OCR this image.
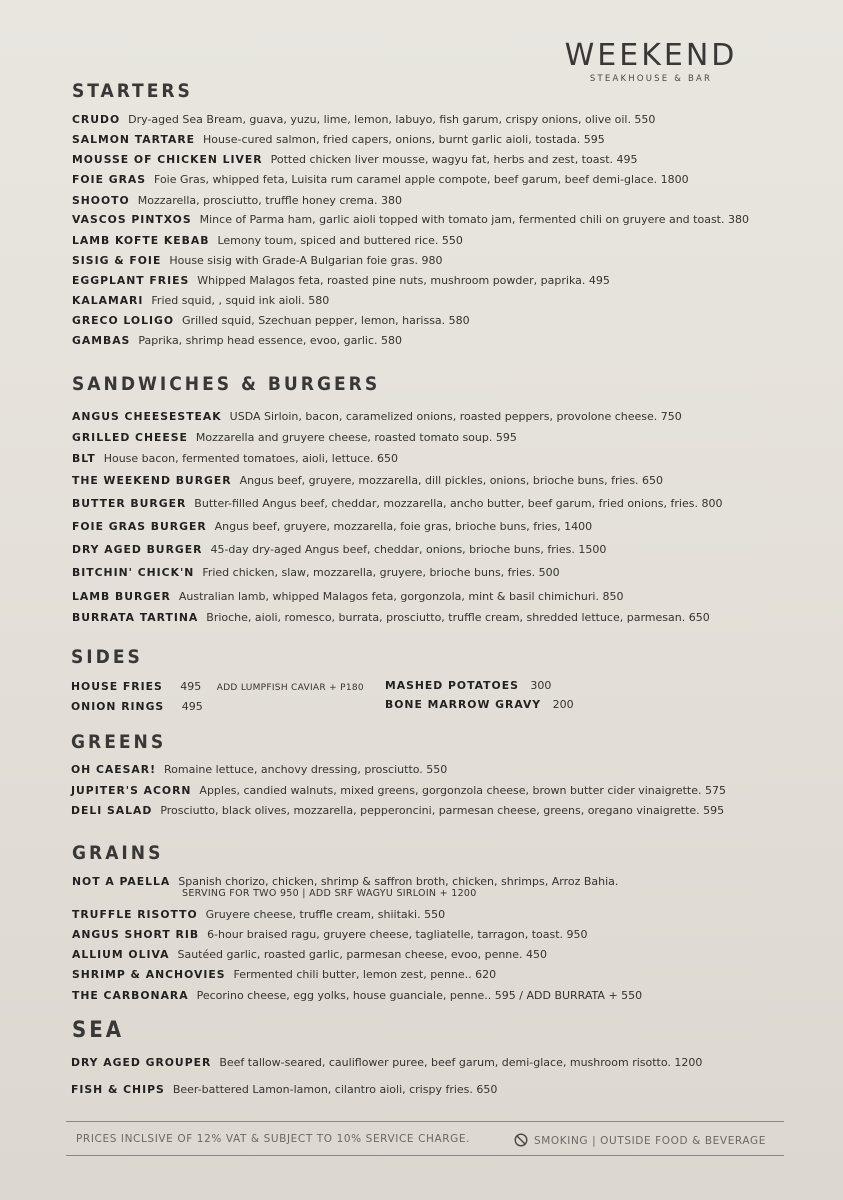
WEEKEND
STEAKHOUSE & BAR
STARTERS
CRUDO Dry-aged Sea Bream, guava, yuzu, lime, lemon, labuyo, fish garum, crispy onions, olive oil. 550
SALMON TARTARE House-cured salmon, fried capers, onions, burnt garlic aioli, tostada. 595
MOUSSE OF CHICKEN LIVER Potted chicken liver mousse, wagyu fat, herbs and zest, toast. 495
FOIE GRAS Foie Gras, whipped feta, Luisita rum caramel apple compote, beef garum, beef demi-glace. 1800
SHOOTO Mozzarella, prosciutto, truffle honey crema. 380
VASCOS PINTXOS Mince of Parma ham, garlic aioli topped with tomato jam, fermented chili on gruyere and toast. 380
LAMB KOFTE KEBAB Lemony toum, spiced and buttered rice. 550
SISIG & FOIE House sisig with Grade-A Bulgarian foie gras. 980
EGGPLANT FRIES Whipped Malagos feta, roasted pine nuts, mushroom powder, paprika. 495
KALAMARI Fried squid, , squid ink aioli. 580
GRECO LOLIGO Grilled squid, Szechuan pepper, lemon, harissa. 580
GAMBAS Paprika, shrimp head essence, evoo, garlic. 580
SANDWICHES & BURGERS
ANGUS CHEESESTEAK USDA Sirloin, bacon, caramelized onions, roasted peppers, provolone cheese. 750
GRILLED CHEESE Mozzarella and gruyere cheese, roasted tomato soup. 595
BLT House bacon, fermented tomatoes, aioli, lettuce. 650
THE WEEKEND BURGER Angus beef, gruyere, mozzarella, dill pickles, onions, brioche buns, fries. 650
BUTTER BURGER Butter-filled Angus beef, cheddar, mozzarella, ancho butter, beef garum, fried onions, fries. 800
FOIE GRAS BURGER Angus beef, gruyere, mozzarella, foie gras, brioche buns, fries, 1400
DRY AGED BURGER 45-day dry-aged Angus beef, cheddar, onions, brioche buns, fries. 1500
BITCHIN' CHICK'N Fried chicken, slaw, mozzarella, gruyere, brioche buns, fries. 500
LAMB BURGER Australian lamb, whipped Malagos feta, gorgonzola, mint & basil chimichuri. 850
BURRATA TARTINA Brioche, aioli, romesco, burrata, prosciutto, truffle cream, shredded lettuce, parmesan. 650
SIDES
HOUSE FRIES 495 ADD LUMPFISH CAVIAR + P180
ONION RINGS 495
MASHED POTATOES 300
BONE MARROW GRAVY 200
GREENS
OH CAESAR! Romaine lettuce, anchovy dressing, prosciutto. 550
JUPITER'S ACORN Apples, candied walnuts, mixed greens, gorgonzola cheese, brown butter cider vinaigrette. 575
DELI SALAD Prosciutto, black olives, mozzarella, pepperoncini, parmesan cheese, greens, oregano vinaigrette. 595
GRAINS
NOT A PAELLA Spanish chorizo, chicken, shrimp & saffron broth, chicken, shrimps, Arroz Bahia.
TRUFFLE RISOTTO Gruyere cheese, truffle cream, shiitaki. 550
ANGUS SHORT RIB 6-hour braised ragu, gruyere cheese, tagliatelle, tarragon, toast. 950
ALLIUM OLIVA Sautéed garlic, roasted garlic, parmesan cheese, evoo, penne. 450
SHRIMP & ANCHOVIES Fermented chili butter, lemon zest, penne.. 620
THE CARBONARA Pecorino cheese, egg yolks, house guanciale, penne.. 595 / ADD BURRATA + 550
SERVING FOR TWO 950 | ADD SRF WAGYU SIRLOIN + 1200
SEA
DRY AGED GROUPER Beef tallow-seared, cauliflower puree, beef garum, demi-glace, mushroom risotto. 1200
FISH & CHIPS Beer-battered Lamon-lamon, cilantro aioli, crispy fries. 650
PRICES INCLSIVE OF 12% VAT & SUBJECT TO 10% SERVICE CHARGE.	SMOKING | OUTSIDE FOOD & BEVERAGE
